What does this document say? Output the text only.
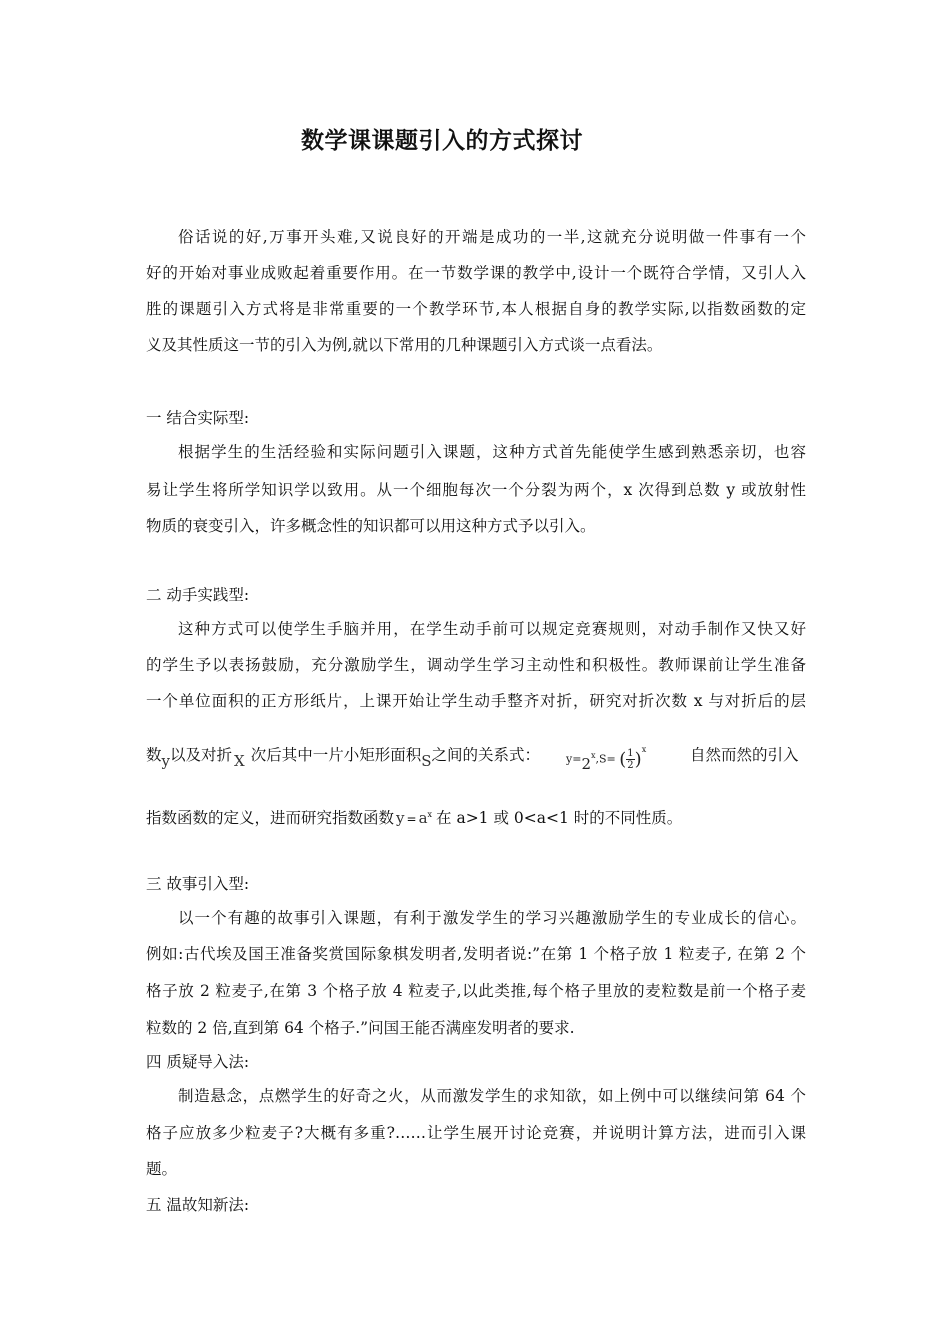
数学课课题引入的方式探讨
俗话说的好,万事开头难,又说良好的开端是成功的一半,这就充分说明做一件事有一个
好的开始对事业成败起着重要作用。在一节数学课的教学中,设计一个既符合学情，又引人入
胜的课题引入方式将是非常重要的一个教学环节,本人根据自身的教学实际,以指数函数的定
义及其性质这一节的引入为例,就以下常用的几种课题引入方式谈一点看法。
一 结合实际型:
根据学生的生活经验和实际问题引入课题，这种方式首先能使学生感到熟悉亲切，也容
易让学生将所学知识学以致用。从一个细胞每次一个分裂为两个，x 次得到总数 y 或放射性
物质的衰变引入，许多概念性的知识都可以用这种方式予以引入。
二 动手实践型:
这种方式可以使学生手脑并用，在学生动手前可以规定竞赛规则，对动手制作又快又好
的学生予以表扬鼓励，充分激励学生，调动学生学习主动性和积极性。教师课前让学生准备
一个单位面积的正方形纸片，上课开始让学生动手整齐对折，研究对折次数 x 与对折后的层
数y以及对折 X 次后其中一片小矩形面积S之间的关系式： $y=2^x,S=$ ( $\frac{1}{2} )^x$	自然而然的引入
指数函数的定义，进而研究指数函数 $y = a^x$ 在 a>1 或 0<a<1 时的不同性质。
三 故事引入型:
以一个有趣的故事引入课题，有利于激发学生的学习兴趣激励学生的专业成长的信心。
例如:古代埃及国王准备奖赏国际象棋发明者,发明者说:”在第 1 个格子放 1 粒麦子, 在第 2 个
格子放 2 粒麦子,在第 3 个格子放 4 粒麦子,以此类推,每个格子里放的麦粒数是前一个格子麦
粒数的 2 倍,直到第 64 个格子.”问国王能否满座发明者的要求.
四 质疑导入法:
制造悬念，点燃学生的好奇之火，从而激发学生的求知欲，如上例中可以继续问第 64 个
格子应放多少粒麦子?大概有多重?……让学生展开讨论竞赛，并说明计算方法，进而引入课
题。
五 温故知新法:
